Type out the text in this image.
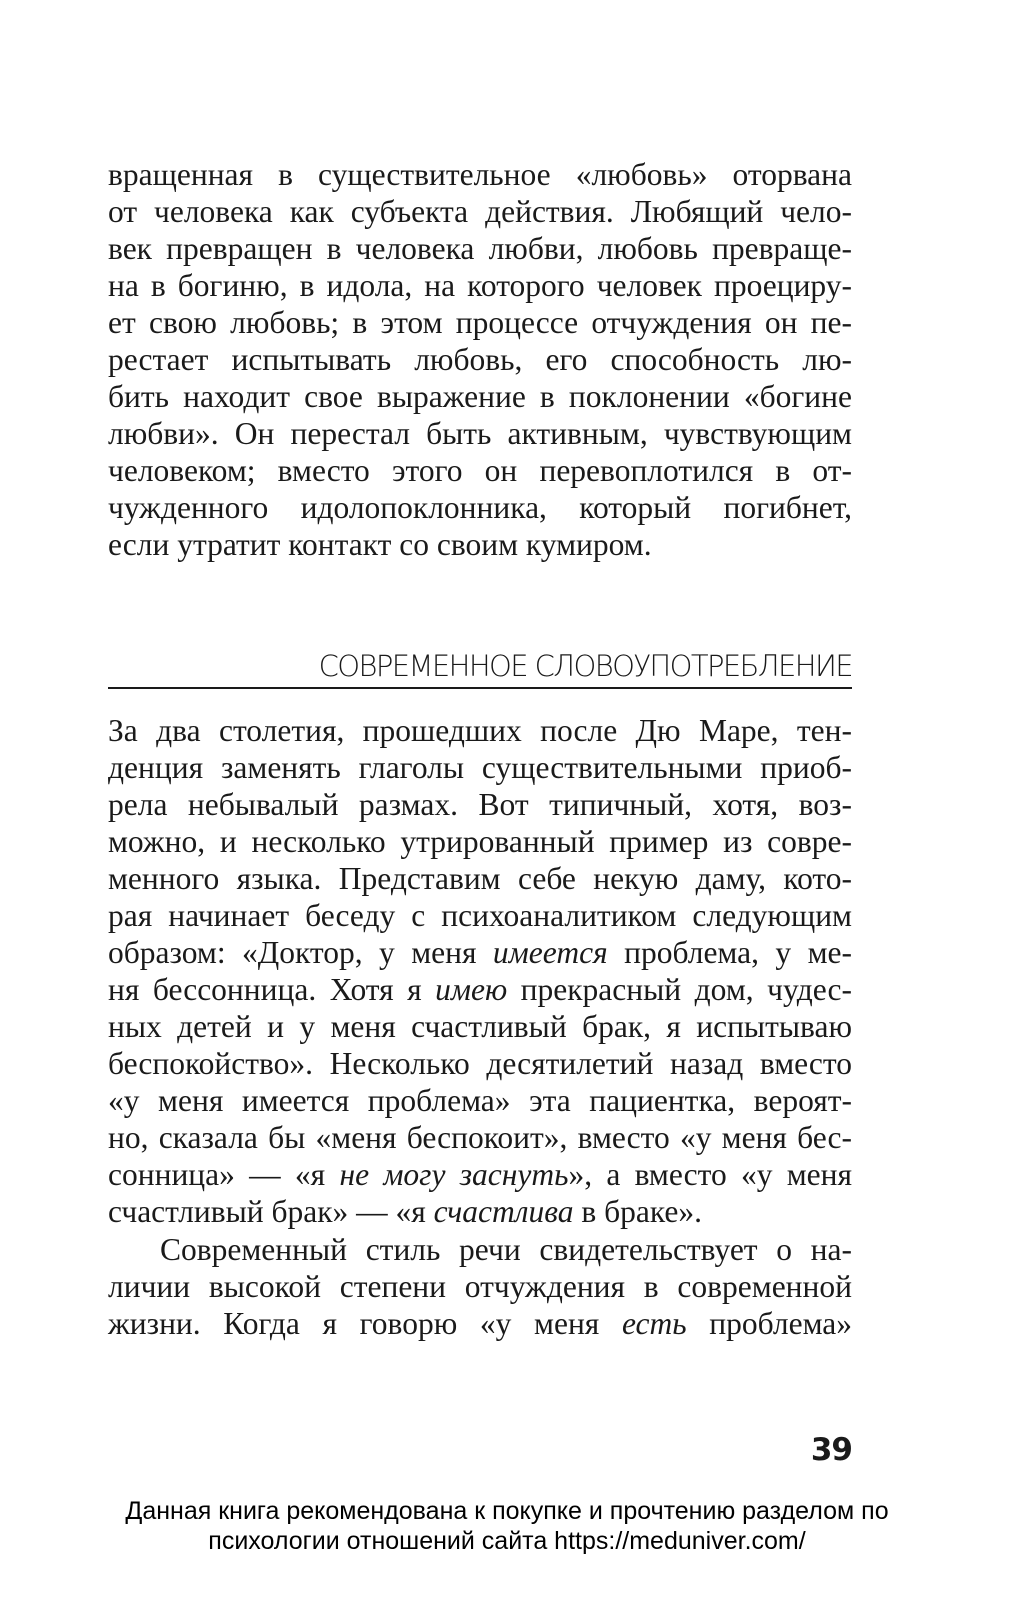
вращенная в существительное «любовь» оторвана
от человека как субъекта действия. Любящий чело-
век превращен в человека любви, любовь превраще-
на в богиню, в идола, на которого человек проециру-
ет свою любовь; в этом процессе отчуждения он пе-
рестает испытывать любовь, его способность лю-
бить находит свое выражение в поклонении «богине
любви». Он перестал быть активным, чувствующим
человеком; вместо этого он перевоплотился в от-
чужденного идолопоклонника, который погибнет,
если утратит контакт со своим кумиром.
СОВРЕМЕННОЕ СЛОВОУПОТРЕБЛЕНИЕ
За два столетия, прошедших после Дю Маре, тен-
денция заменять глаголы существительными приоб-
рела небывалый размах. Вот типичный, хотя, воз-
можно, и несколько утрированный пример из совре-
менного языка. Представим себе некую даму, кото-
рая начинает беседу с психоаналитиком следующим
образом: «Доктор, у меня имеется проблема, у ме-
ня бессонница. Хотя я имею прекрасный дом, чудес-
ных детей и у меня счастливый брак, я испытываю
беспокойство». Несколько десятилетий назад вместо
«у меня имеется проблема» эта пациентка, вероят-
но, сказала бы «меня беспокоит», вместо «у меня бес-
сонница» — «я не могу заснуть», а вместо «у меня
счастливый брак» — «я счастлива в браке».
Современный стиль речи свидетельствует о на-
личии высокой степени отчуждения в современной
жизни. Когда я говорю «у меня есть проблема»
39
Данная книга рекомендована к покупке и прочтению разделом по
психологии отношений сайта https://meduniver.com/
